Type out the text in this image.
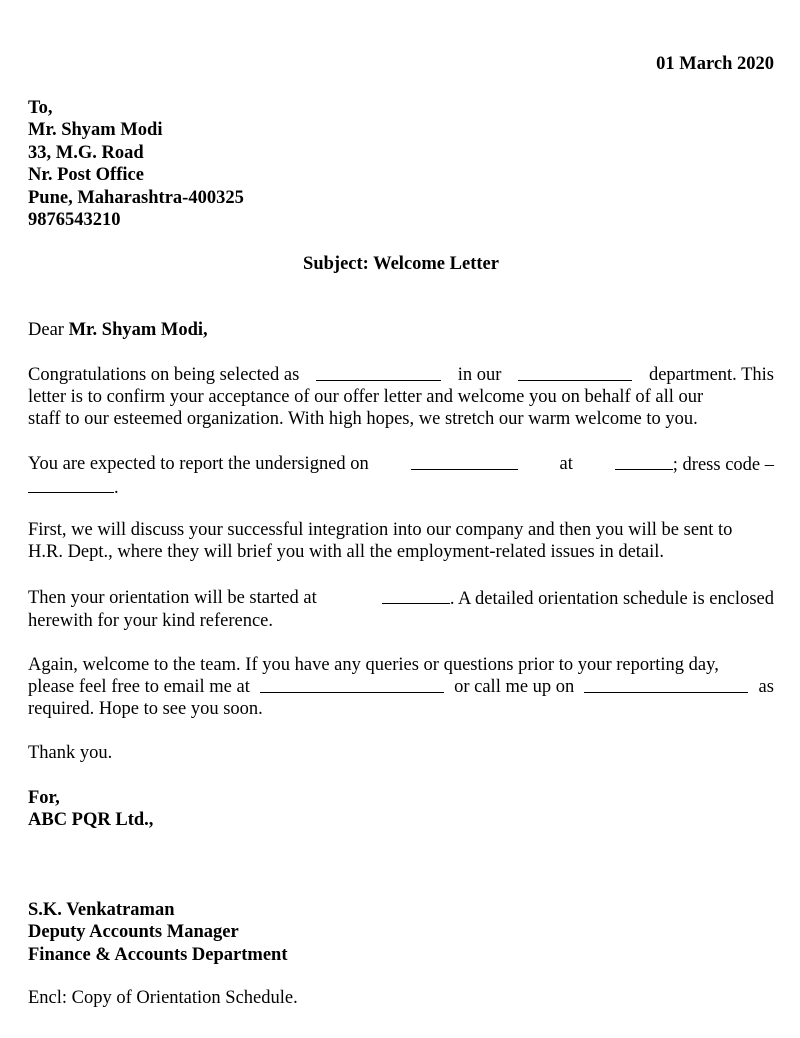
01 March 2020
To,
Mr. Shyam Modi
33, M.G. Road
Nr. Post Office
Pune, Maharashtra-400325
9876543210
Subject: Welcome Letter
Dear Mr. Shyam Modi,
Congratulations on being selected as	in our	department. This
letter is to confirm your acceptance of our offer letter and welcome you on behalf of all our
staff to our esteemed organization. With high hopes, we stretch our warm welcome to you.
You are expected to report the undersigned on	at	; dress code –
.
First, we will discuss your successful integration into our company and then you will be sent to
H.R. Dept., where they will brief you with all the employment-related issues in detail.
Then your orientation will be started at	. A detailed orientation schedule is enclosed
herewith for your kind reference.
Again, welcome to the team. If you have any queries or questions prior to your reporting day,
please feel free to email me at	or call me up on	as
required. Hope to see you soon.
Thank you.
For,
ABC PQR Ltd.,
S.K. Venkatraman
Deputy Accounts Manager
Finance & Accounts Department
Encl: Copy of Orientation Schedule.
